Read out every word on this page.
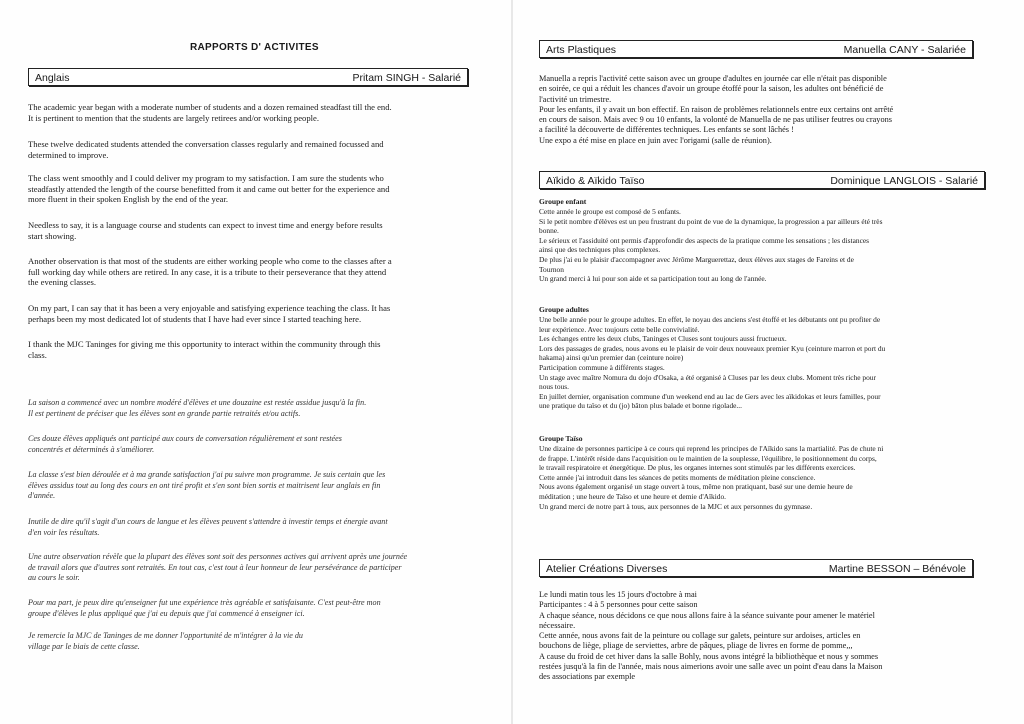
RAPPORTS D' ACTIVITES
Anglais	Pritam SINGH - Salarié

The academic year began with a moderate number of students and a dozen remained steadfast till the end.
It is pertinent to mention that the students are largely retirees and/or working people.

These twelve dedicated students attended the conversation classes regularly and remained focussed and
determined to improve.

The class went smoothly and I could deliver my program to my satisfaction. I am sure the students who
steadfastly attended the length of the course benefitted from it and came out better for the experience and
more fluent in their spoken English by the end of the year.

Needless to say, it is a language course and students can expect to invest time and energy before results
start showing.

Another observation is that most of the students are either working people who come to the classes after a
full working day while others are retired. In any case, it is a tribute to their perseverance that they attend
the evening classes.

On my part, I can say that it has been a very enjoyable and satisfying experience teaching the class. It has
perhaps been my most dedicated lot of students that I have had ever since I started teaching here.

I thank the MJC Taninges for giving me this opportunity to interact within the community through this
class.

La saison a commencé avec un nombre modéré d'élèves et une douzaine est restée assidue jusqu'à la fin.
Il est pertinent de préciser que les élèves sont en grande partie retraités et/ou actifs.

Ces douze élèves appliqués ont participé aux cours de conversation régulièrement et sont restées
concentrés et déterminés à s'améliorer.

La classe s'est bien déroulée et à ma grande satisfaction j'ai pu suivre mon programme. Je suis certain que les
élèves assidus tout au long des cours en ont tiré profit et s'en sont bien sortis et maitrisent leur anglais en fin
d'année.

Inutile de dire qu'il s'agit d'un cours de langue et les élèves peuvent s'attendre à investir temps et énergie avant
d'en voir les résultats.

Une autre observation révèle que la plupart des élèves sont soit des personnes actives qui arrivent après une journée
de travail alors que d'autres sont retraités. En tout cas, c'est tout à leur honneur de leur persévérance de participer
au cours le soir.

Pour ma part, je peux dire qu'enseigner fut une expérience très agréable et satisfaisante. C'est peut-être mon
groupe d'élèves le plus appliqué que j'ai eu depuis que j'ai commencé à enseigner ici.

Je remercie la MJC de Taninges de me donner l'opportunité de m'intégrer à la vie du
village par le biais de cette classe.

Arts Plastiques	Manuella CANY - Salariée

Manuella a repris l'activité cette saison avec un groupe d'adultes en journée car elle n'était pas disponible
en soirée, ce qui a réduit les chances d'avoir un groupe étoffé pour la saison, les adultes ont bénéficié de
l'activité un trimestre.
Pour les enfants, il y avait un bon effectif. En raison de problèmes relationnels entre eux certains ont arrêté
en cours de saison. Mais avec 9 ou 10 enfants, la volonté de Manuella de ne pas utiliser feutres ou crayons
a facilité la découverte de différentes techniques. Les enfants se sont lâchés !
Une expo a été mise en place en juin avec l'origami (salle de réunion).

Aïkido & Aïkido Taïso	Dominique LANGLOIS - Salarié
Groupe enfant

Cette année le groupe est composé de 5 enfants.
Si le petit nombre d'élèves est un peu frustrant du point de vue de la dynamique, la progression a par ailleurs été très
bonne.
Le sérieux et l'assiduité ont permis d'approfondir des aspects de la pratique comme les sensations ; les distances
ainsi que des techniques plus complexes.
De plus j'ai eu le plaisir d'accompagner avec Jérôme Marguerettaz, deux élèves aux stages de Fareins et de
Tournon
Un grand merci à lui pour son aide et sa participation tout au long de l'année.

Groupe adultes

Une belle année pour le groupe adultes. En effet, le noyau des anciens s'est étoffé et les débutants ont pu profiter de
leur expérience. Avec toujours cette belle convivialité.
Les échanges entre les deux clubs, Taninges et Cluses sont toujours aussi fructueux.
Lors des passages de grades, nous avons eu le plaisir de voir deux nouveaux premier Kyu (ceinture marron et port du
hakama) ainsi qu'un premier dan (ceinture noire)
Participation commune à différents stages.
Un stage avec maître Nomura du dojo d'Osaka, a été organisé à Cluses par les deux clubs. Moment très riche pour
nous tous.
En juillet dernier, organisation commune d'un weekend end au lac de Gers avec les aïkidokas et leurs familles, pour
une pratique du taïso et du (jo) bâton plus balade et bonne rigolade...

Groupe Taïso

Une dizaine de personnes participe à ce cours qui reprend les principes de l'Aïkido sans la martialité. Pas de chute ni
de frappe. L'intérêt réside dans l'acquisition ou le maintien de la souplesse, l'équilibre, le positionnement du corps,
le travail respiratoire et énergétique. De plus, les organes internes sont stimulés par les différents exercices.
Cette année j'ai introduit dans les séances de petits moments de méditation pleine conscience.
Nous avons également organisé un stage ouvert à tous, même non pratiquant, basé sur une demie heure de
méditation ; une heure de Taïso et une heure et demie d'Aïkido.
Un grand merci de notre part à tous, aux personnes de la MJC et aux personnes du gymnase.

Atelier Créations Diverses	Martine BESSON – Bénévole

Le lundi matin tous les 15 jours d'octobre à mai
Participantes : 4 à 5 personnes pour cette saison
A chaque séance, nous décidons ce que nous allons faire à la séance suivante pour amener le matériel
nécessaire.
Cette année, nous avons fait de la peinture ou collage sur galets, peinture sur ardoises, articles en
bouchons de liège, pliage de serviettes, arbre de pâques, pliage de livres en forme de pomme,,,
A cause du froid de cet hiver dans la salle Bohly, nous avons intégré la bibliothèque et nous y sommes
restées jusqu'à la fin de l'année, mais nous aimerions avoir une salle avec un point d'eau dans la Maison
des associations par exemple
